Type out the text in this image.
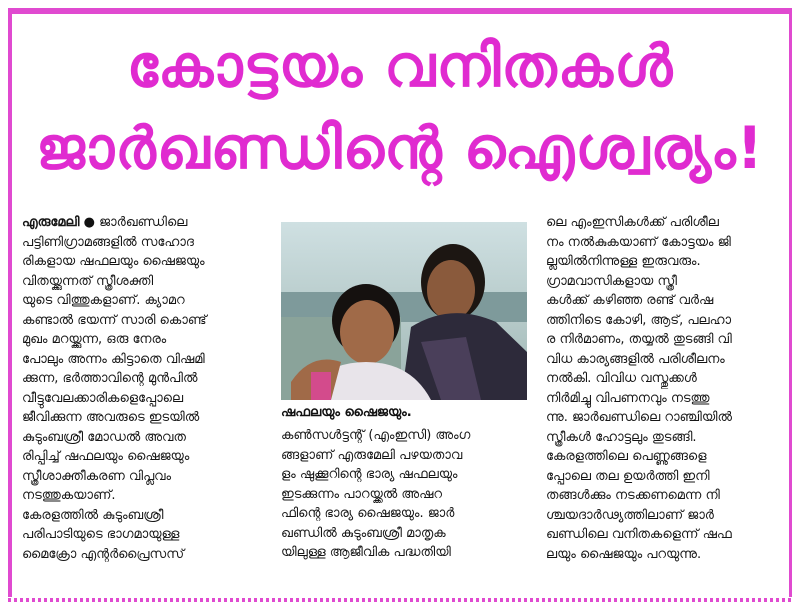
കോട്ടയം വനിതകൾ
ജാർഖണ്ഡിന്റെ ഐശ്വര്യം!
എരുമേലി ● ജാർഖണ്ഡിലെ
പട്ടിണിഗ്രാമങ്ങളിൽ സഹോദ
രികളായ ഷഫലയും ഷൈജയും
വിതയ്ക്കുന്നത് സ്ത്രീശക്തി
യുടെ വിത്തുകളാണ്. ക്യാമറ
കണ്ടാൽ ഭയന്ന് സാരി കൊണ്ട്
മുഖം മറയ്ക്കുന്ന, ഒരു നേരം
പോലും അന്നം കിട്ടാതെ വിഷമി
ക്കുന്ന, ഭർത്താവിന്റെ മുൻപിൽ
വീട്ടുവേലക്കാരികളെപ്പോലെ
ജീവിക്കുന്ന അവരുടെ ഇടയിൽ
കുടുംബശ്രീ മോഡൽ അവത
രിപ്പിച്ച് ഷഫലയും ഷൈജയും
സ്ത്രീശാക്തീകരണ വിപ്ലവം
നടത്തുകയാണ്.
കേരളത്തിൽ കുടുംബശ്രീ
പരിപാടിയുടെ ഭാഗമായുള്ള
മൈക്രോ എന്റർപ്രൈസസ്
ഷഫലയും ഷൈജയും.
കൺസൾട്ടന്റ് (എംഇസി) അംഗ
ങ്ങളാണ് എരുമേലി പഴയതാവ
ളം ഷുക്കൂറിന്റെ ഭാര്യ ഷഫലയും
ഇടക്കുന്നം പാറയ്ക്കൽ അഷറ
ഫിന്റെ ഭാര്യ ഷൈജയും. ജാർ
ഖണ്ഡിൽ കുടുംബശ്രീ മാതൃക
യിലുള്ള ആജീവിക പദ്ധതിയി
ലെ എംഇസികൾക്ക് പരിശീല
നം നൽകുകയാണ് കോട്ടയം ജി
ല്ലയിൽനിന്നുള്ള ഇരുവരും.
ഗ്രാമവാസികളായ സ്ത്രീ
കൾക്ക് കഴിഞ്ഞ രണ്ട് വർഷ
ത്തിനിടെ കോഴി, ആട്, പലഹാ
ര നിർമാണം, തയ്യൽ തുടങ്ങി വി
വിധ കാര്യങ്ങളിൽ പരിശീലനം
നൽകി. വിവിധ വസ്തുക്കൾ
നിർമിച്ചു വിപണനവും നടത്തു
ന്നു. ജാർഖണ്ഡിലെ റാഞ്ചിയിൽ
സ്ത്രീകൾ ഹോട്ടലും തുടങ്ങി.
കേരളത്തിലെ പെണ്ണുങ്ങളെ
പ്പോലെ തല ഉയർത്തി ഇനി
തങ്ങൾക്കും നടക്കണമെന്ന നി
ശ്ചയദാർഢ്യത്തിലാണ് ജാർ
ഖണ്ഡിലെ വനിതകളെന്ന് ഷഫ
ലയും ഷൈജയും പറയുന്നു.
